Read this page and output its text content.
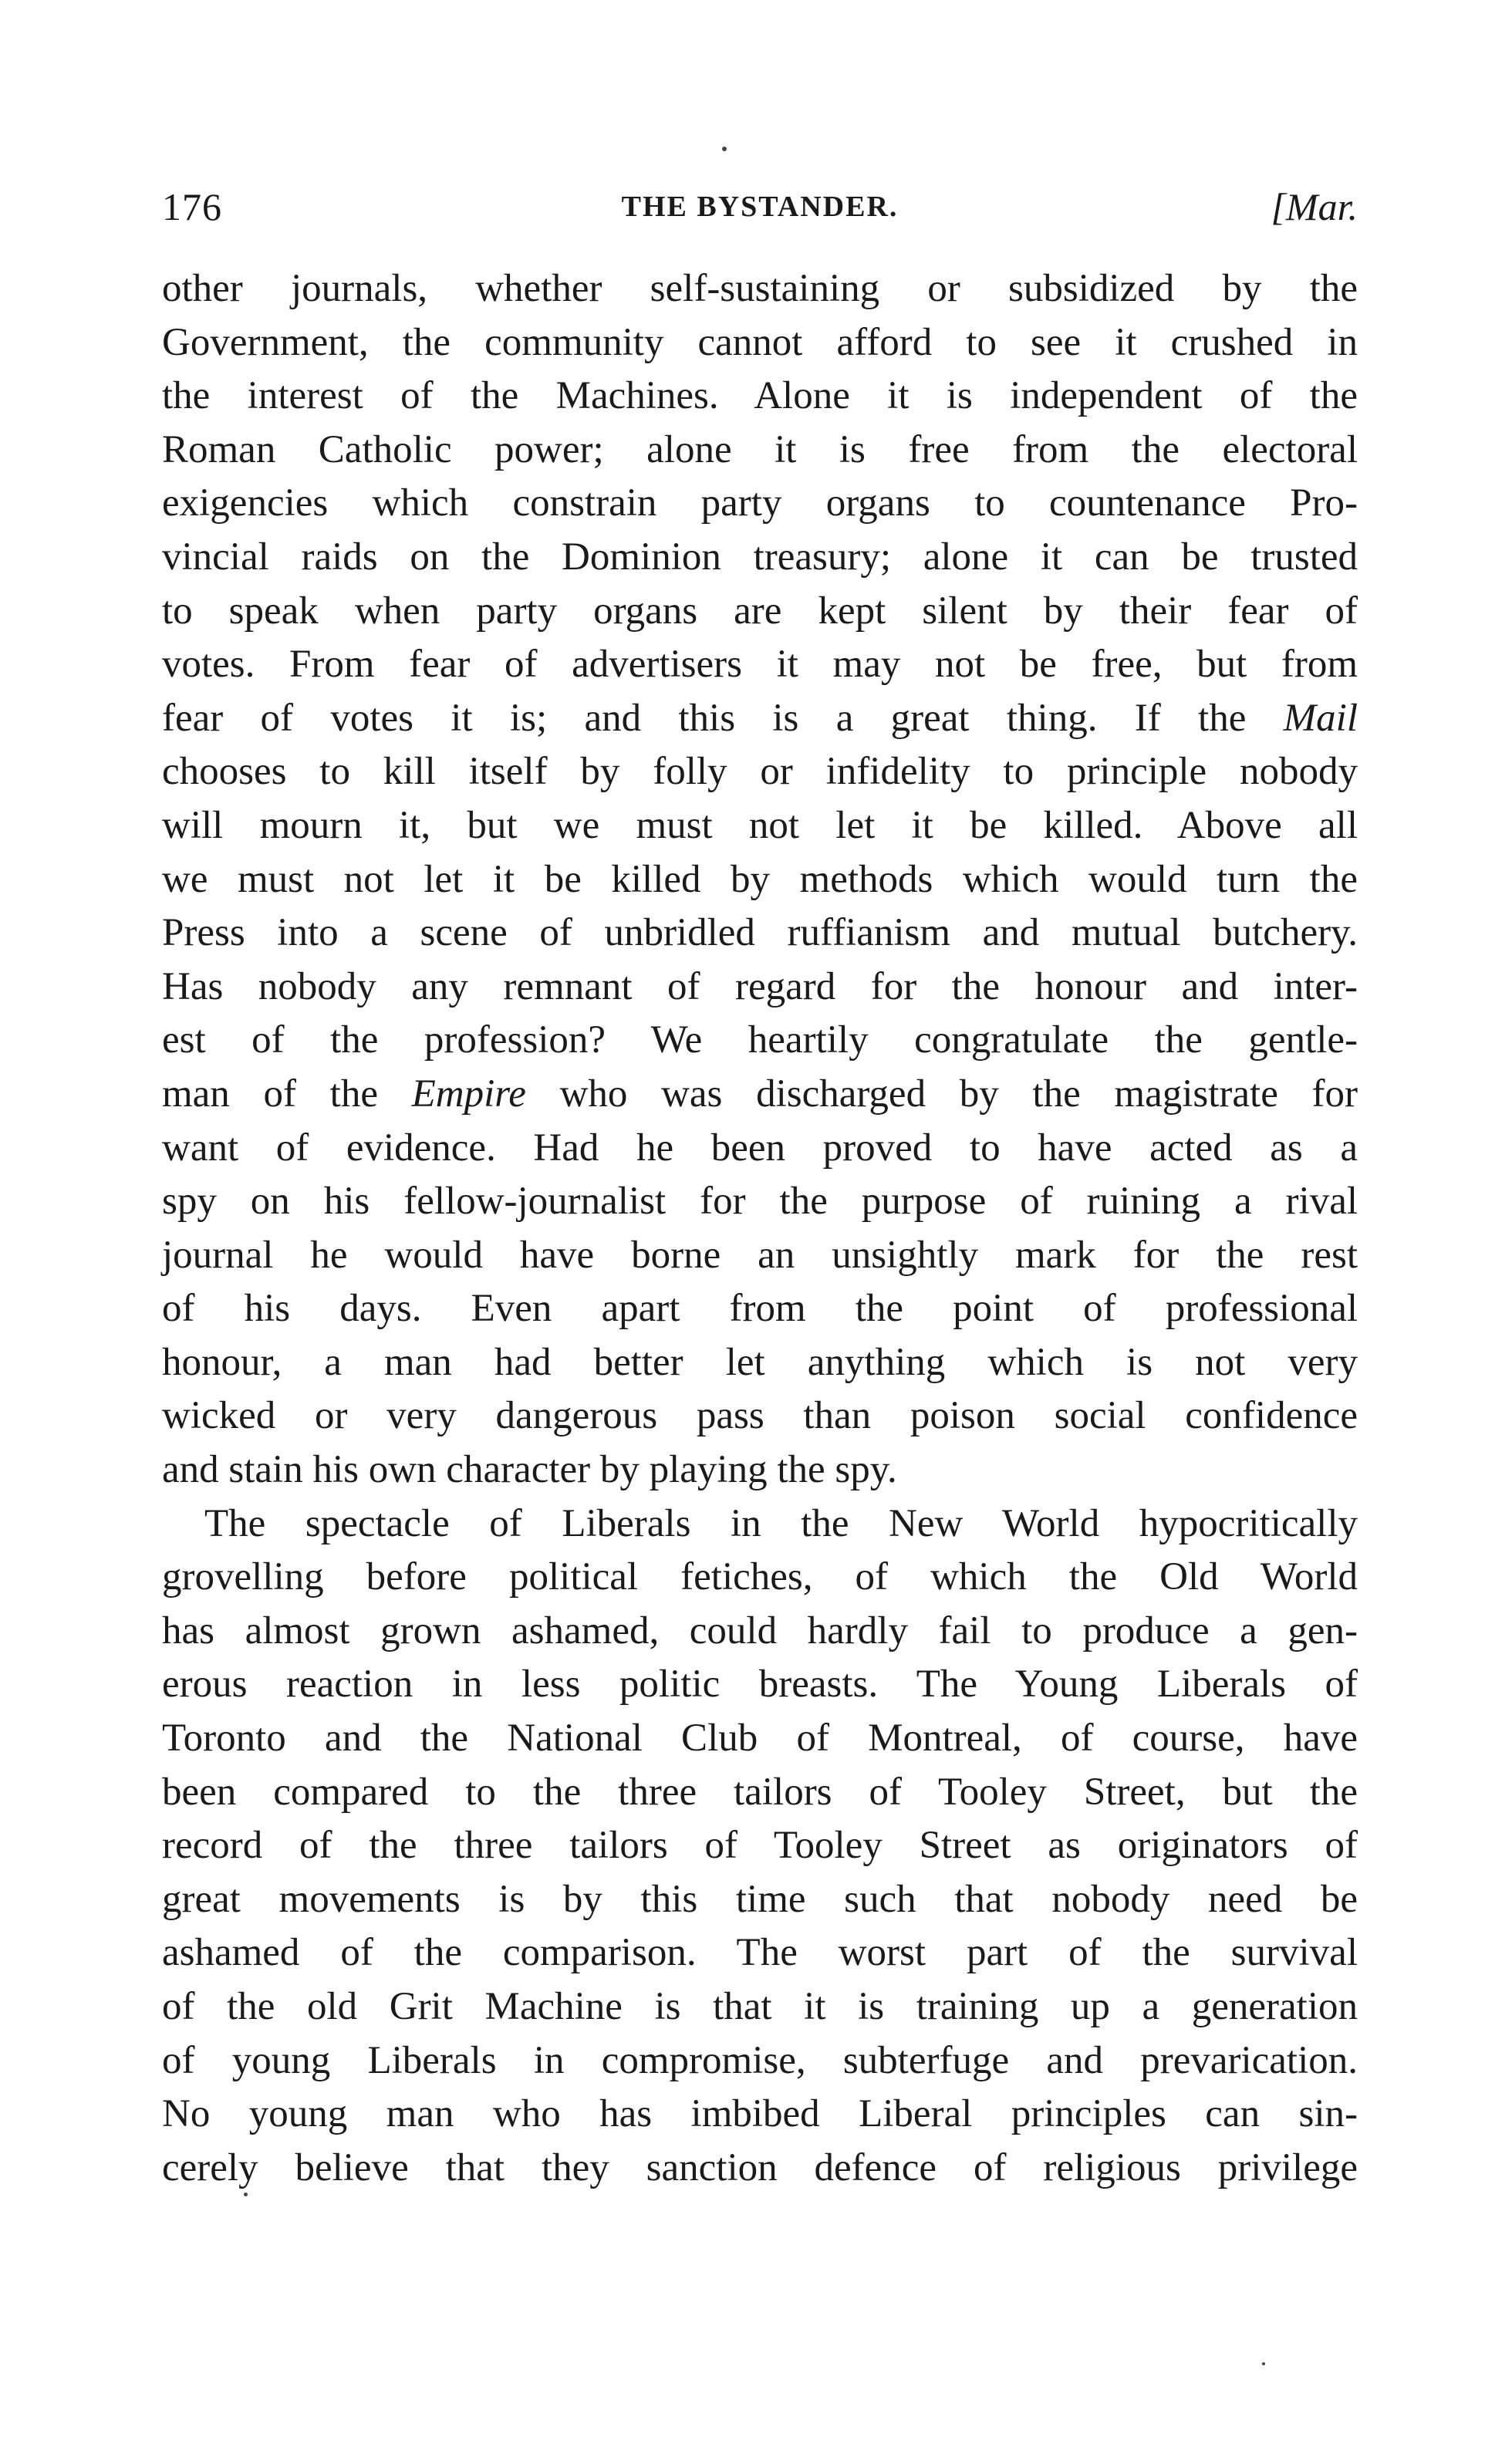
176	THE BYSTANDER.	[Mar.
other journals, whether self-sustaining or subsidized by the
Government, the community cannot afford to see it crushed in
the interest of the Machines. Alone it is independent of the
Roman Catholic power; alone it is free from the electoral
exigencies which constrain party organs to countenance Pro-
vincial raids on the Dominion treasury; alone it can be trusted
to speak when party organs are kept silent by their fear of
votes. From fear of advertisers it may not be free, but from
fear of votes it is; and this is a great thing. If the Mail
chooses to kill itself by folly or infidelity to principle nobody
will mourn it, but we must not let it be killed. Above all
we must not let it be killed by methods which would turn the
Press into a scene of unbridled ruffianism and mutual butchery.
Has nobody any remnant of regard for the honour and inter-
est of the profession? We heartily congratulate the gentle-
man of the Empire who was discharged by the magistrate for
want of evidence. Had he been proved to have acted as a
spy on his fellow-journalist for the purpose of ruining a rival
journal he would have borne an unsightly mark for the rest
of his days. Even apart from the point of professional
honour, a man had better let anything which is not very
wicked or very dangerous pass than poison social confidence
and stain his own character by playing the spy.
The spectacle of Liberals in the New World hypocritically
grovelling before political fetiches, of which the Old World
has almost grown ashamed, could hardly fail to produce a gen-
erous reaction in less politic breasts. The Young Liberals of
Toronto and the National Club of Montreal, of course, have
been compared to the three tailors of Tooley Street, but the
record of the three tailors of Tooley Street as originators of
great movements is by this time such that nobody need be
ashamed of the comparison. The worst part of the survival
of the old Grit Machine is that it is training up a generation
of young Liberals in compromise, subterfuge and prevarication.
No young man who has imbibed Liberal principles can sin-
cerely believe that they sanction defence of religious privilege
